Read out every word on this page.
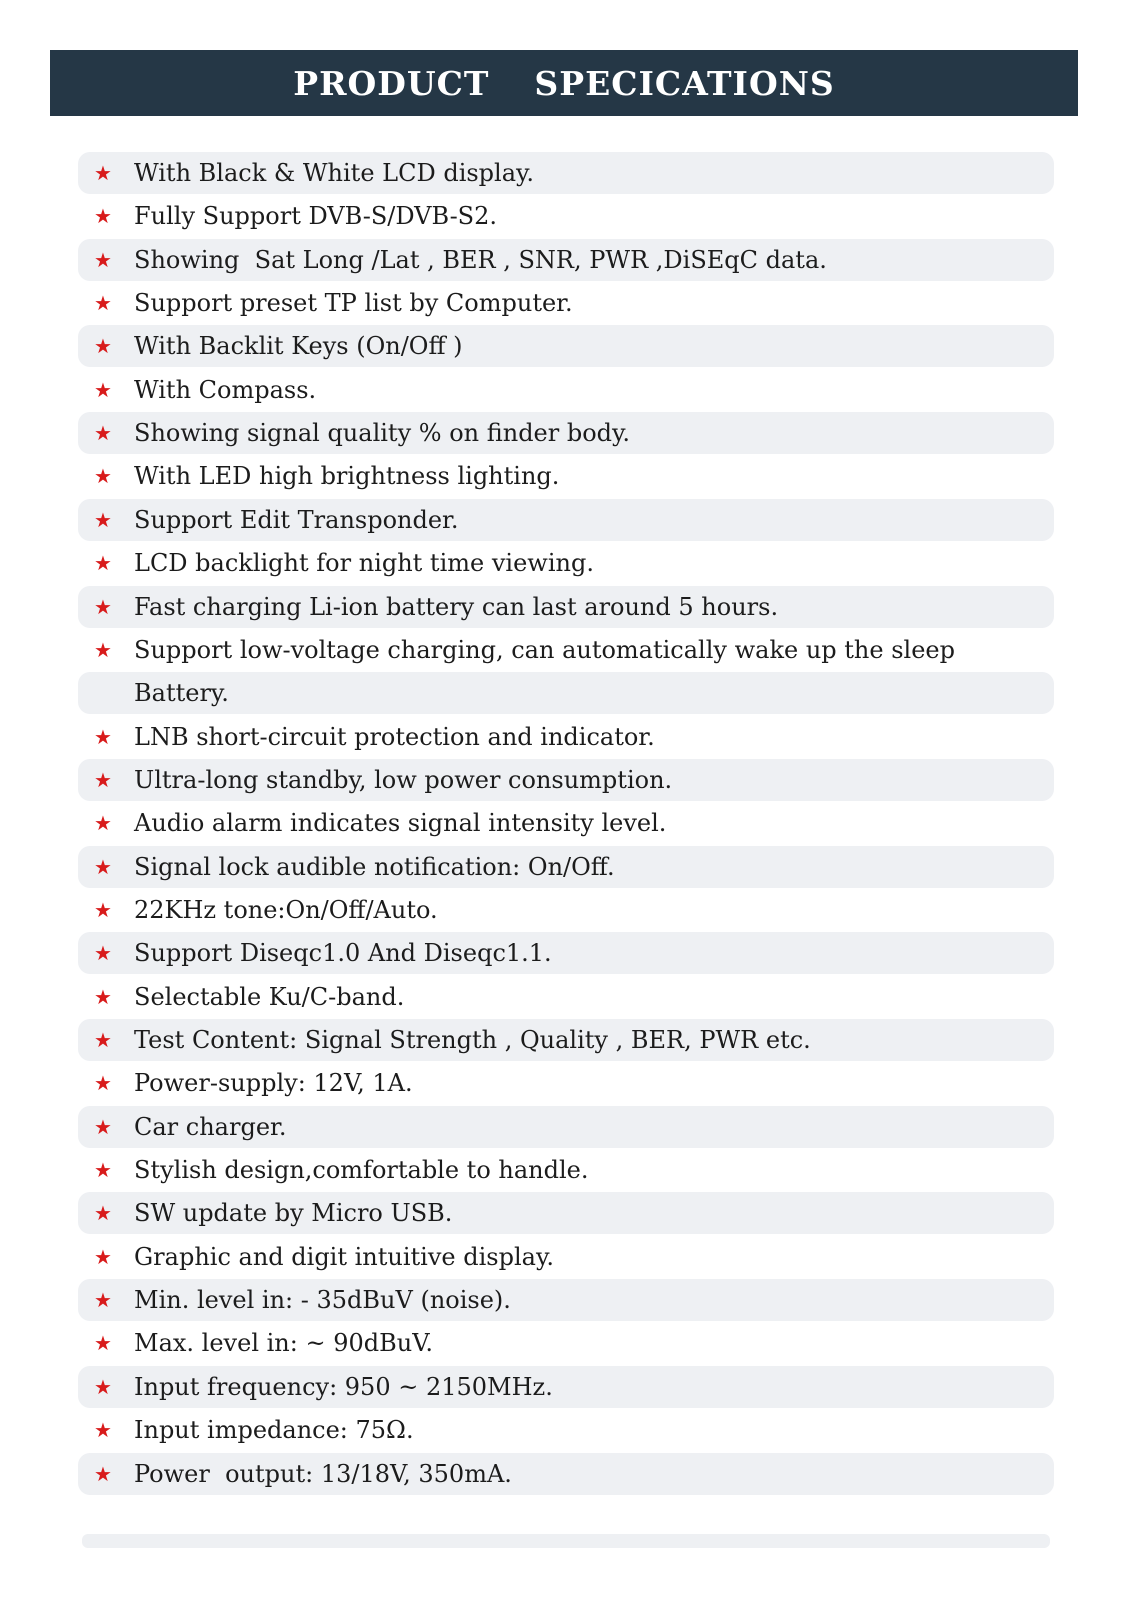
PRODUCT  SPECICATIONS
★ With Black & White LCD display.
★ Fully Support DVB-S/DVB-S2.
★ Showing  Sat Long /Lat , BER , SNR, PWR ,DiSEqC data.
★ Support preset TP list by Computer.
★ With Backlit Keys (On/Off )
★ With Compass.
★ Showing signal quality % on finder body.
★ With LED high brightness lighting.
★ Support Edit Transponder.
★ LCD backlight for night time viewing.
★ Fast charging Li-ion battery can last around 5 hours.
★ Support low-voltage charging, can automatically wake up the sleep
Battery.
★ LNB short-circuit protection and indicator.
★ Ultra-long standby, low power consumption.
★ Audio alarm indicates signal intensity level.
★ Signal lock audible notification: On/Off.
★ 22KHz tone:On/Off/Auto.
★ Support Diseqc1.0 And Diseqc1.1.
★ Selectable Ku/C-band.
★ Test Content: Signal Strength , Quality , BER, PWR etc.
★ Power-supply: 12V, 1A.
★ Car charger.
★ Stylish design,comfortable to handle.
★ SW update by Micro USB.
★ Graphic and digit intuitive display.
★ Min. level in: - 35dBuV (noise).
★ Max. level in: ~ 90dBuV.
★ Input frequency: 950 ~ 2150MHz.
★ Input impedance: 75Ω.
★ Power  output: 13/18V, 350mA.
